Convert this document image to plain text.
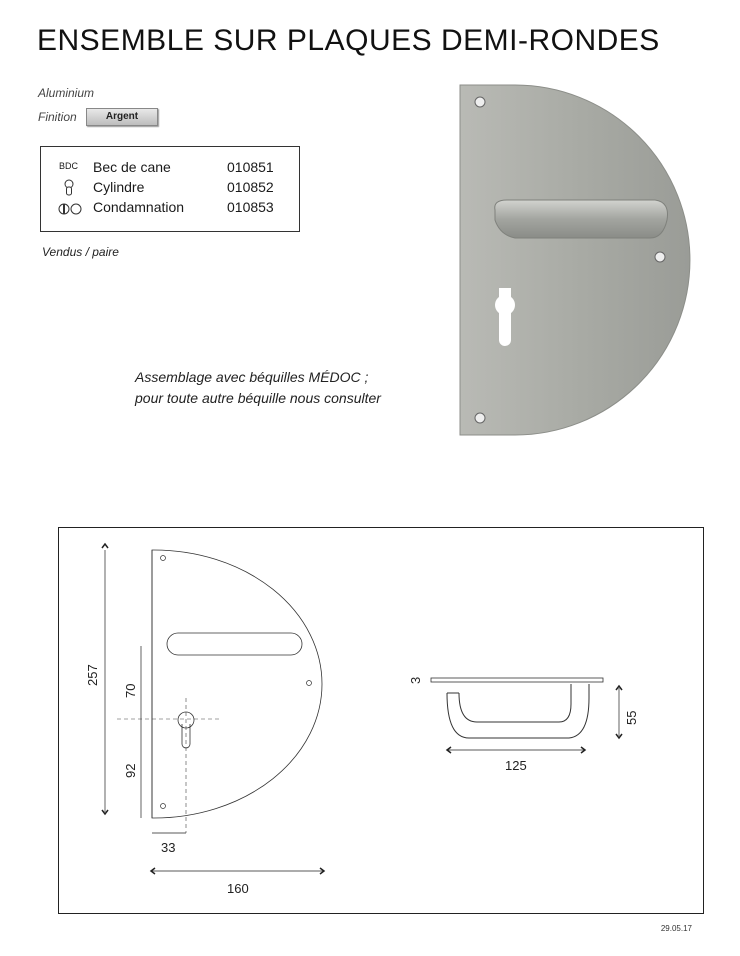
ENSEMBLE SUR PLAQUES DEMI-RONDES
Aluminium
Finition	Argent
BDC Bec de cane	010851
Cylindre	010852
Condamnation	010853
Vendus / paire
Assemblage avec béquilles MÉDOC ;
pour toute autre béquille nous consulter
257
70
92
33
160
3
55
125
29.05.17
